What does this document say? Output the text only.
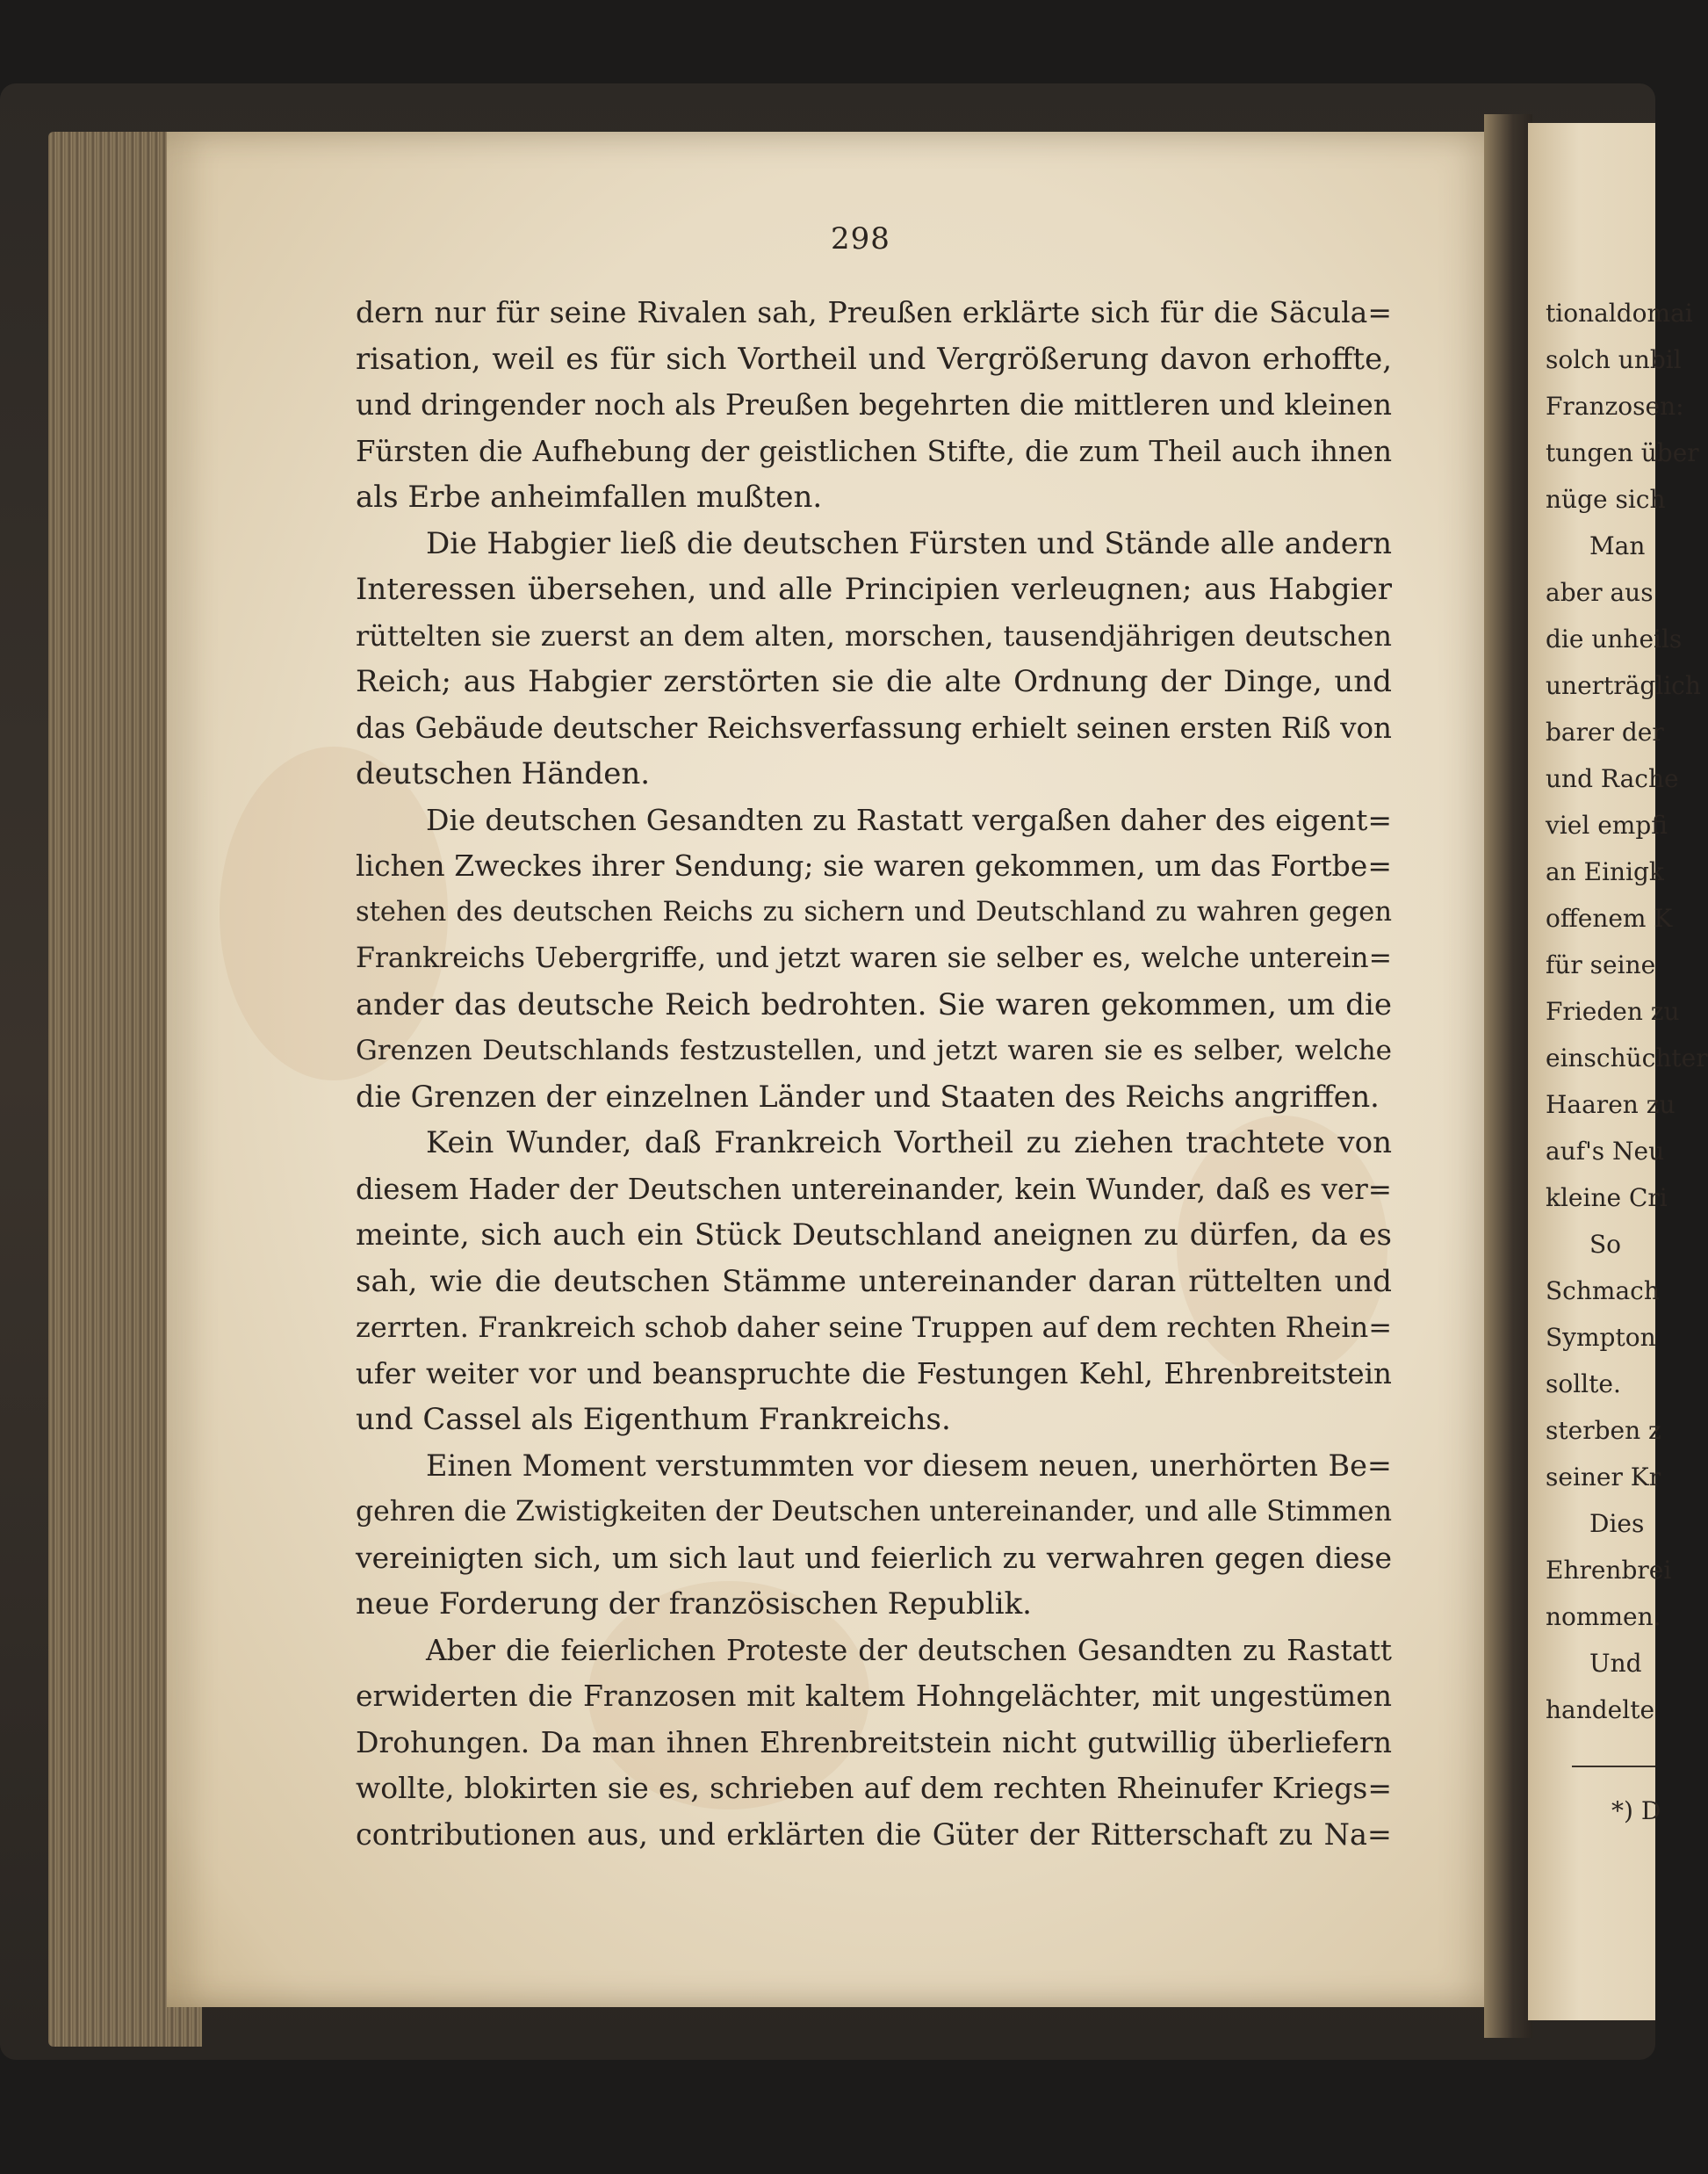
298
dern nur für seine Rivalen sah, Preußen erklärte sich für die Säcula=
risation, weil es für sich Vortheil und Vergrößerung davon erhoffte,
und dringender noch als Preußen begehrten die mittleren und kleinen
Fürsten die Aufhebung der geistlichen Stifte, die zum Theil auch ihnen
als Erbe anheimfallen mußten.
Die Habgier ließ die deutschen Fürsten und Stände alle andern
Interessen übersehen, und alle Principien verleugnen; aus Habgier
rüttelten sie zuerst an dem alten, morschen, tausendjährigen deutschen
Reich; aus Habgier zerstörten sie die alte Ordnung der Dinge, und
das Gebäude deutscher Reichsverfassung erhielt seinen ersten Riß von
deutschen Händen.
Die deutschen Gesandten zu Rastatt vergaßen daher des eigent=
lichen Zweckes ihrer Sendung; sie waren gekommen, um das Fortbe=
stehen des deutschen Reichs zu sichern und Deutschland zu wahren gegen
Frankreichs Uebergriffe, und jetzt waren sie selber es, welche unterein=
ander das deutsche Reich bedrohten. Sie waren gekommen, um die
Grenzen Deutschlands festzustellen, und jetzt waren sie es selber, welche
die Grenzen der einzelnen Länder und Staaten des Reichs angriffen.
Kein Wunder, daß Frankreich Vortheil zu ziehen trachtete von
diesem Hader der Deutschen untereinander, kein Wunder, daß es ver=
meinte, sich auch ein Stück Deutschland aneignen zu dürfen, da es
sah, wie die deutschen Stämme untereinander daran rüttelten und
zerrten. Frankreich schob daher seine Truppen auf dem rechten Rhein=
ufer weiter vor und beanspruchte die Festungen Kehl, Ehrenbreitstein
und Cassel als Eigenthum Frankreichs.
Einen Moment verstummten vor diesem neuen, unerhörten Be=
gehren die Zwistigkeiten der Deutschen untereinander, und alle Stimmen
vereinigten sich, um sich laut und feierlich zu verwahren gegen diese
neue Forderung der französischen Republik.
Aber die feierlichen Proteste der deutschen Gesandten zu Rastatt
erwiderten die Franzosen mit kaltem Hohngelächter, mit ungestümen
Drohungen. Da man ihnen Ehrenbreitstein nicht gutwillig überliefern
wollte, blokirten sie es, schrieben auf dem rechten Rheinufer Kriegs=
contributionen aus, und erklärten die Güter der Ritterschaft zu Na=
tionaldomai
solch unbil
Franzosen:
tungen über
nüge sich
Man
aber aus
die unheils
unerträglich
barer der
und Rache
viel empfi
an Einigk
offenem K
für seine
Frieden zu
einschüchter
Haaren zu
auf's Neu
kleine Cri
So
Schmach
Sympton
sollte.
sterben z
seiner Kr
Dies
Ehrenbrei
nommen.
Und
handelte
*) D
